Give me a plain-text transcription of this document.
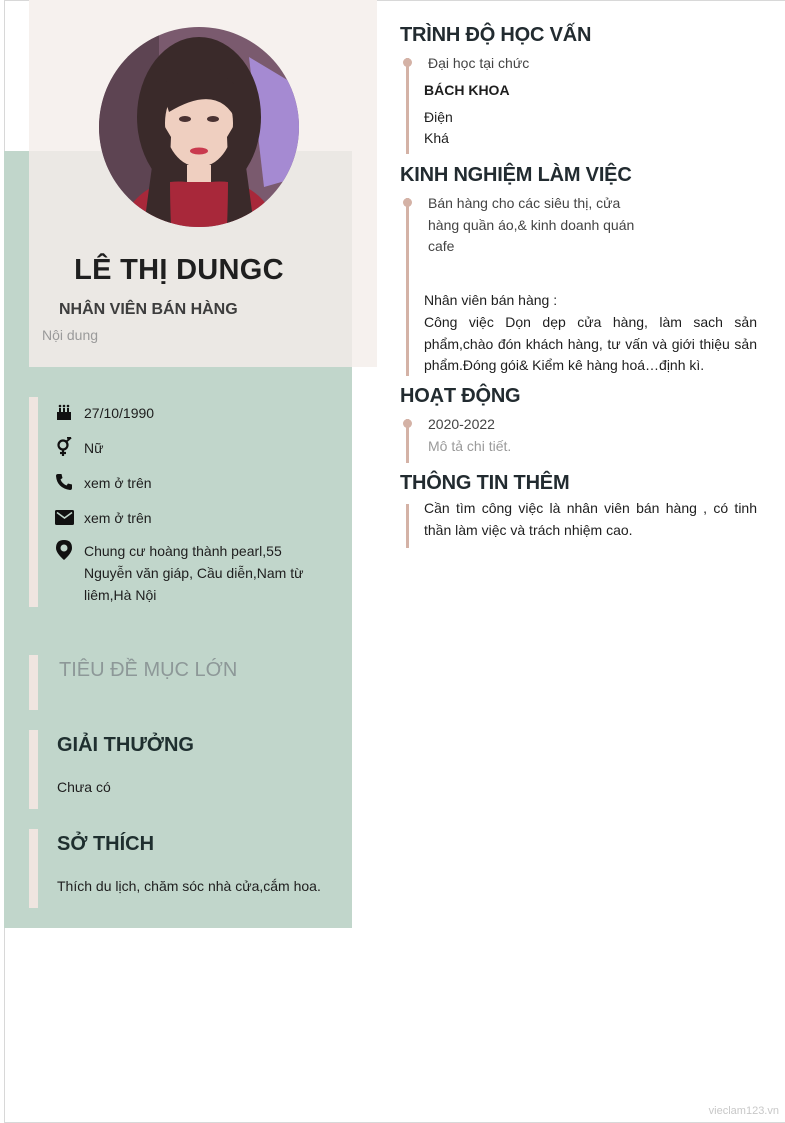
LÊ THỊ DUNGC
NHÂN VIÊN BÁN HÀNG
Nội dung
27/10/1990
Nữ
xem ở trên
xem ở trên
Chung cư hoàng thành pearl,55 Nguyễn văn giáp, Cầu diễn,Nam từ liêm,Hà Nội
TIÊU ĐỀ MỤC LỚN
GIẢI THƯỞNG
Chưa có
SỞ THÍCH
Thích du lịch, chăm sóc nhà cửa,cắm hoa.
TRÌNH ĐỘ HỌC VẤN
Đại học tại chức
BÁCH KHOA
Điện
Khá
KINH NGHIỆM LÀM VIỆC
Bán hàng cho các siêu thị, cửa hàng quần áo,& kinh doanh quán cafe
Nhân viên bán hàng :
Công việc Dọn dẹp cửa hàng, làm sach sản phẩm,chào đón khách hàng, tư vấn và giới thiệu sản phẩm.Đóng gói& Kiểm kê hàng hoá…định kì.
HOẠT ĐỘNG
2020-2022
Mô tả chi tiết.
THÔNG TIN THÊM
Cần tìm công việc là nhân viên bán hàng , có tinh thần làm việc và trách nhiệm cao.
vieclam123.vn
